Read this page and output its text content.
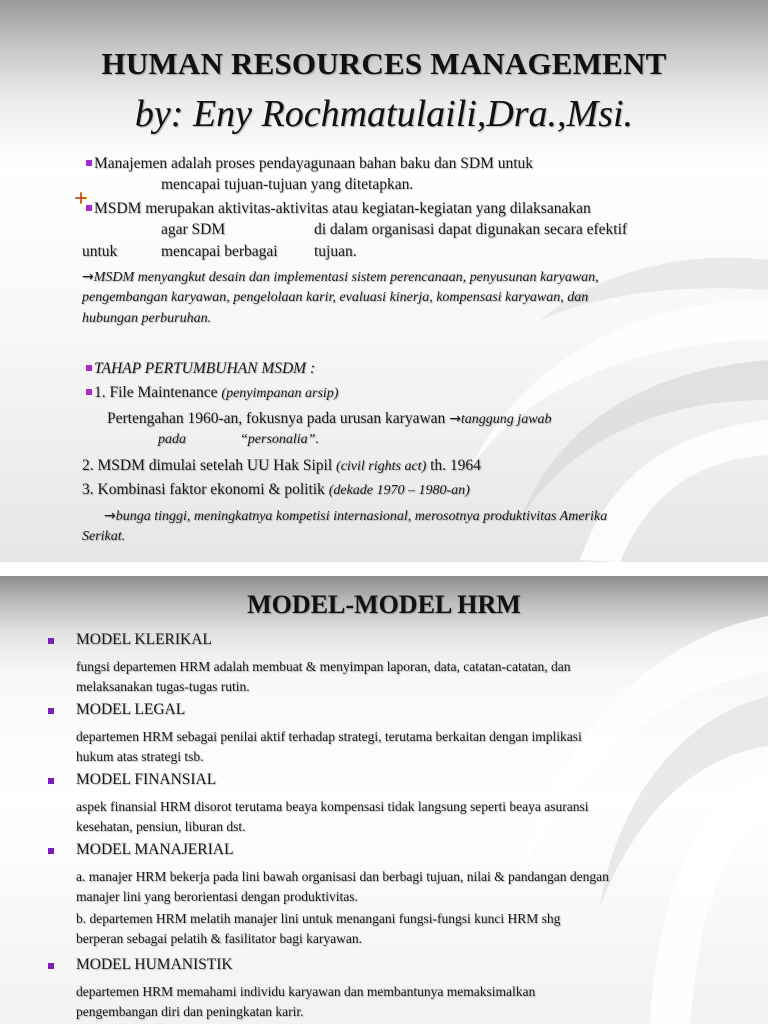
HUMAN RESOURCES MANAGEMENT
by: Eny Rochmatulaili,Dra.,Msi.
Manajemen adalah proses pendayagunaan bahan baku dan SDM untuk
mencapai tujuan-tujuan yang ditetapkan.
MSDM merupakan aktivitas-aktivitas atau kegiatan-kegiatan yang dilaksanakan
agar SDM	di dalam organisasi dapat digunakan secara efektif
untuk	mencapai berbagai tujuan.
→MSDM menyangkut desain dan implementasi sistem perencanaan, penyusunan karyawan,
pengembangan karyawan, pengelolaan karir, evaluasi kinerja, kompensasi karyawan, dan
hubungan perburuhan.
TAHAP PERTUMBUHAN MSDM :
1. File Maintenance (penyimpanan arsip)
Pertengahan 1960-an, fokusnya pada urusan karyawan →tanggung jawab
pada	“personalia”.
2. MSDM dimulai setelah UU Hak Sipil (civil rights act) th. 1964
3. Kombinasi faktor ekonomi & politik (dekade 1970 – 1980-an)
→bunga tinggi, meningkatnya kompetisi internasional, merosotnya produktivitas Amerika
Serikat.
MODEL-MODEL HRM
MODEL KLERIKAL
fungsi departemen HRM adalah membuat & menyimpan laporan, data, catatan-catatan, dan
melaksanakan tugas-tugas rutin.
MODEL LEGAL
departemen HRM sebagai penilai aktif terhadap strategi, terutama berkaitan dengan implikasi
hukum atas strategi tsb.
MODEL FINANSIAL
aspek finansial HRM disorot terutama beaya kompensasi tidak langsung seperti beaya asuransi
kesehatan, pensiun, liburan dst.
MODEL MANAJERIAL
a. manajer HRM bekerja pada lini bawah organisasi dan berbagi tujuan, nilai & pandangan dengan
manajer lini yang berorientasi dengan produktivitas.
b. departemen HRM melatih manajer lini untuk menangani fungsi-fungsi kunci HRM shg
berperan sebagai pelatih & fasilitator bagi karyawan.
MODEL HUMANISTIK
departemen HRM memahami individu karyawan dan membantunya memaksimalkan
pengembangan diri dan peningkatan karir.
